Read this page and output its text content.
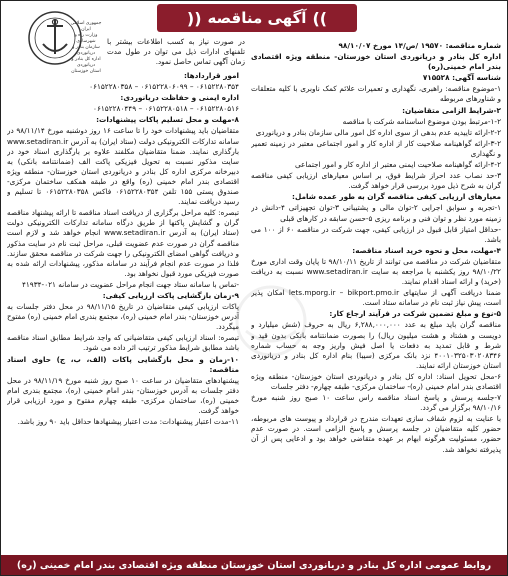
))
آگهی مناقصه
((
جمهوری اسلامی ایران
وزارت راه و شهرسازی
سازمان بنادر و دریانوردی
اداره کل بنادر و دریانوردی
استان خوزستان
در صورت نیاز به کسب اطلاعات بیشتر با تلفنهای ادارات ذیل می توان در طول مدت زمان آگهی تماس حاصل نمود.

شماره مناقصه: ۱۹۵۷۰ /ص/۱۴ مورخ ۹۸/۱۰/۰۷

اداره کل بنادر و دریانوردی استان خوزستان- منطقه ویژه اقتصادی بندر امام خمینی(ره)

شناسه آگهی: ۷۱۵۵۲۸

۱-موضوع مناقصه: راهبری، نگهداری و تعمیرات علائم کمک ناوبری با کلیه متعلقات و شناورهای مربوطه

۲-شرایط الزامی متقاضیان:

۱-۲-مرتبط بودن موضوع اساسنامه شرکت با مناقصه

۲-۲-ارائه تاییدیه عدم بدهی از سوی اداره کل امور مالی سازمان بنادر و دریانوردی

۳-۲-ارائه گواهینامه صلاحیت کار از اداره کار و امور اجتماعی معتبر در زمینه تعمیر و نگهداری

۴-۲-ارائه گواهینامه صلاحیت ایمنی معتبر از اداره کار و امور اجتماعی

۳-حد نصاب عدد احراز شرایط فوق، بر اساس معیارهای ارزیابی کیفی مناقصه گران به شرح ذیل مورد بررسی قرار خواهد گرفت.

معیارهای ارزیابی کیفی مناقصه گران به طور عمده شامل:

۱-تجربه و سوابق اجرایی ۲-توان مالی و پشتیبانی ۳-توان تجهیزاتی ۴-دانش در زمینه مورد نظر و توان فنی و برنامه ریزی ۵-حسن سابقه در کارهای قبلی

-حداقل امتیاز قابل قبول در ارزیابی کیفی، جهت شرکت در مناقصه ۶۰ از ۱۰۰ می باشد.

۴-مهلت، محل و نحوه خرید اسناد مناقصه:

متقاضیان شرکت در مناقصه می توانند از تاریخ ۹۸/۱۰/۱۱ تا پایان وقت اداری مورخ ۹۸/۱۰/۲۲ روز یکشنبه با مراجعه به سایت www.setadiran.ir نسبت به دریافت (خرید) و ارائه اسناد اقدام نمایند.

ضمنا دریافت آگهی از سایتهای lets.mporg.ir – bikport.pmo.ir امکان پذیر است، پیش نیاز ثبت نام در سامانه ستاد است.

۵-نوع و مبلغ تضمین شرکت در فرآیند ارجاع کار:

مناقصه گران باید مبلغ به عدد ۶,۲۸۸,۰۰۰,۰۰۰ ریال به حروف (شش میلیارد و دویست و هشتاد و هشت میلیون ریال) را بصورت ضمانتنامه بانکی بدون قید و شرط و قابل تمدید به دفعات یا اصل فیش واریز وجه به حساب شماره ۴۰۰۱۰۳۲۵۰۳۰۲۰۸۳۴۶ نزد بانک مرکزی (سیبا) بنام اداره کل بنادر و دریانوردی استان خوزستان ارائه نمایند.

۶-محل تحویل اسناد: اداره کل بنادر و دریانوردی استان خوزستان- منطقه ویژه اقتصادی بندر امام خمینی (ره)- ساختمان مرکزی- طبقه چهارم- دفتر جلسات

۷-جلسه پرسش و پاسخ اسناد مناقصه راس ساعت ۱۰ صبح روز شنبه مورخ ۹۸/۱۰/۱۶ برگزار می گردد.

با عنایت به لزوم شفاف سازی تعهدات مندرج در قرارداد و پیوست های مربوطه، حضور کلیه متقاضیان در جلسه پرسش و پاسخ الزامی است. در صورت عدم حضور، مسئولیت هرگونه ابهام بر عهده متقاضی خواهد بود و ادعایی پس از آن پذیرفته نخواهد شد.

امور قراردادها:

۰۶۱۵۲۲۸۰۳۵۴ – ۰۶۱۵۲۲۸۰۶۰۹۹ – ۰۶۱۵۲۲۸۰۳۵۸

اداره ایمنی و حفاظت دریانوردی:

۰۶۱۵۲۲۸۰۵۱۶ – ۰۶۱۵۲۲۸۰۵۱۸ – ۰۶۱۵۲۲۸۰۴۴۹

۸-مهلت و محل تسلیم پاکات پیشنهادات:

متقاضیان باید پیشنهادات خود را تا ساعت ۱۶ روز دوشنبه مورخ ۹۸/۱۱/۱۴ در سامانه تدارکات الکترونیکی دولت (ستاد ایران) به آدرس www.setadiran.ir بارگذاری نمایند. ضمنا متقاضیان مکلفند علاوه بر بارگذاری اسناد خود در سایت مذکور نسبت به تحویل فیزیکی پاکت الف (ضمانتنامه بانکی) به دبیرخانه مرکزی اداره کل بنادر و دریانوردی استان خوزستان- منطقه ویژه اقتصادی بندر امام خمینی (ره) واقع در طبقه همکف ساختمان مرکزی- صندوق پستی ۱۵۵ تلفن ۰۶۱۵۲۲۸۰۳۵۴ فاکس ۰۶۱۵۲۲۸۰۳۵۸ تا تسلیم و رسید دریافت نمایند.

تبصره: کلیه مراحل برگزاری از دریافت اسناد مناقصه تا ارائه پیشنهاد مناقصه گران و گشایش پاکتها از طریق درگاه سامانه تدارکات الکترونیکی دولت (ستاد ایران) به آدرس www.setadiran.ir انجام خواهد شد و لازم است مناقصه گران در صورت عدم عضویت قبلی، مراحل ثبت نام در سایت مذکور و دریافت گواهی امضای الکترونیکی را جهت شرکت در مناقصه محقق سازند. فلذا در صورت عدم انجام فرآیند در سامانه مذکور، پیشنهادات ارائه شده به صورت فیزیکی مورد قبول نخواهد بود.

-تماس با سامانه ستاد جهت انجام مراحل عضویت در سامانه ۰۲۱-۴۱۹۳۴

۹-زمان بازگشایی پاکت ارزیابی کیفی:

پاکات ارزیابی کیفی متقاضیان در تاریخ ۹۸/۱۱/۱۵ در محل دفتر جلسات به آدرس خوزستان- بندر امام خمینی (ره)، مجتمع بندری امام خمینی (ره) مفتوح میگردد.

تبصره: اسناد ارزیابی کیفی متقاضیانی که واجد شرایط مطابق اسناد مناقصه باشد مطابق شرایط مذکور ترتیب اثر داده می شود.

۱۰-زمان و محل بازگشایی پاکات (الف، ب، ج) حاوی اسناد مناقصه:

پیشنهادهای متقاضیان در ساعت ۱۰ صبح روز شنبه مورخ ۹۸/۱۱/۱۹ در محل دفتر جلسات به آدرس خوزستان- بندر امام خمینی (ره)، مجتمع بندری امام خمینی (ره)، ساختمان مرکزی- طبقه چهارم مفتوح و مورد ارزیابی قرار خواهد گرفت.

۱۱-مدت اعتبار پیشنهادات: مدت اعتبار پیشنهادها حداقل باید ۹۰ روز باشد.

روابط عمومی اداره کل بنادر و دریانوردی استان خوزستان منطقه ویژه اقتصادی بندر امام خمینی (ره)
